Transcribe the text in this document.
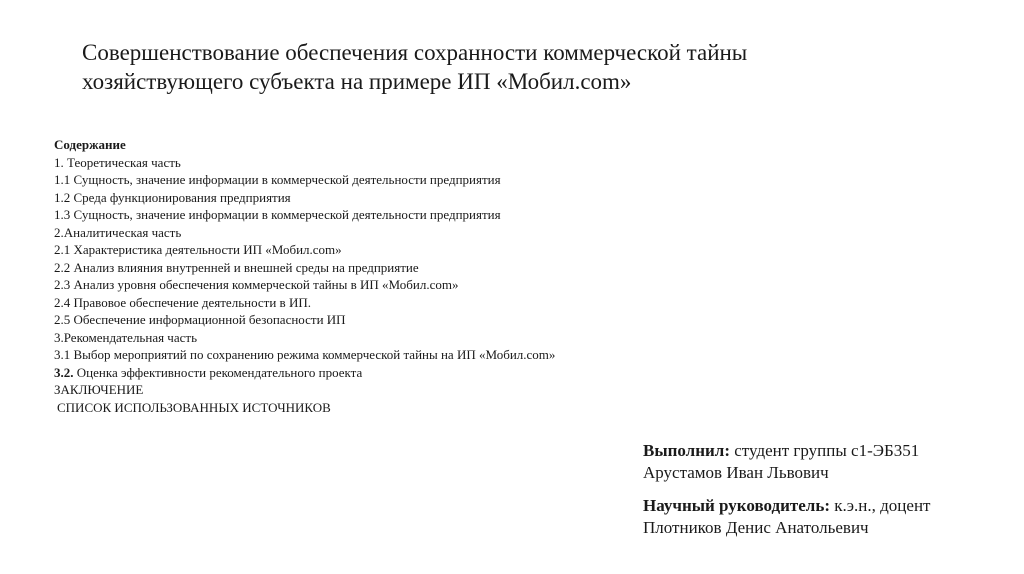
Совершенствование обеспечения сохранности коммерческой тайны
хозяйствующего субъекта на примере ИП «Мобил.com»
Содержание
1. Теоретическая часть
1.1 Сущность, значение информации в коммерческой деятельности предприятия
1.2 Среда функционирования предприятия
1.3 Сущность, значение информации в коммерческой деятельности предприятия
2.Аналитическая часть
2.1 Характеристика деятельности ИП «Мобил.com»
2.2 Анализ влияния внутренней и внешней среды на предприятие
2.3 Анализ уровня обеспечения коммерческой тайны в ИП «Мобил.com»
2.4 Правовое обеспечение деятельности в ИП.
2.5 Обеспечение информационной безопасности ИП
3.Рекомендательная часть
3.1 Выбор мероприятий по сохранению режима коммерческой тайны на ИП «Мобил.com»
3.2. Оценка эффективности рекомендательного проекта
ЗАКЛЮЧЕНИЕ
СПИСОК ИСПОЛЬЗОВАННЫХ ИСТОЧНИКОВ
Выполнил: студент группы с1-ЭБ351
Арустамов Иван Львович
Научный руководитель: к.э.н., доцент
Плотников Денис Анатольевич
